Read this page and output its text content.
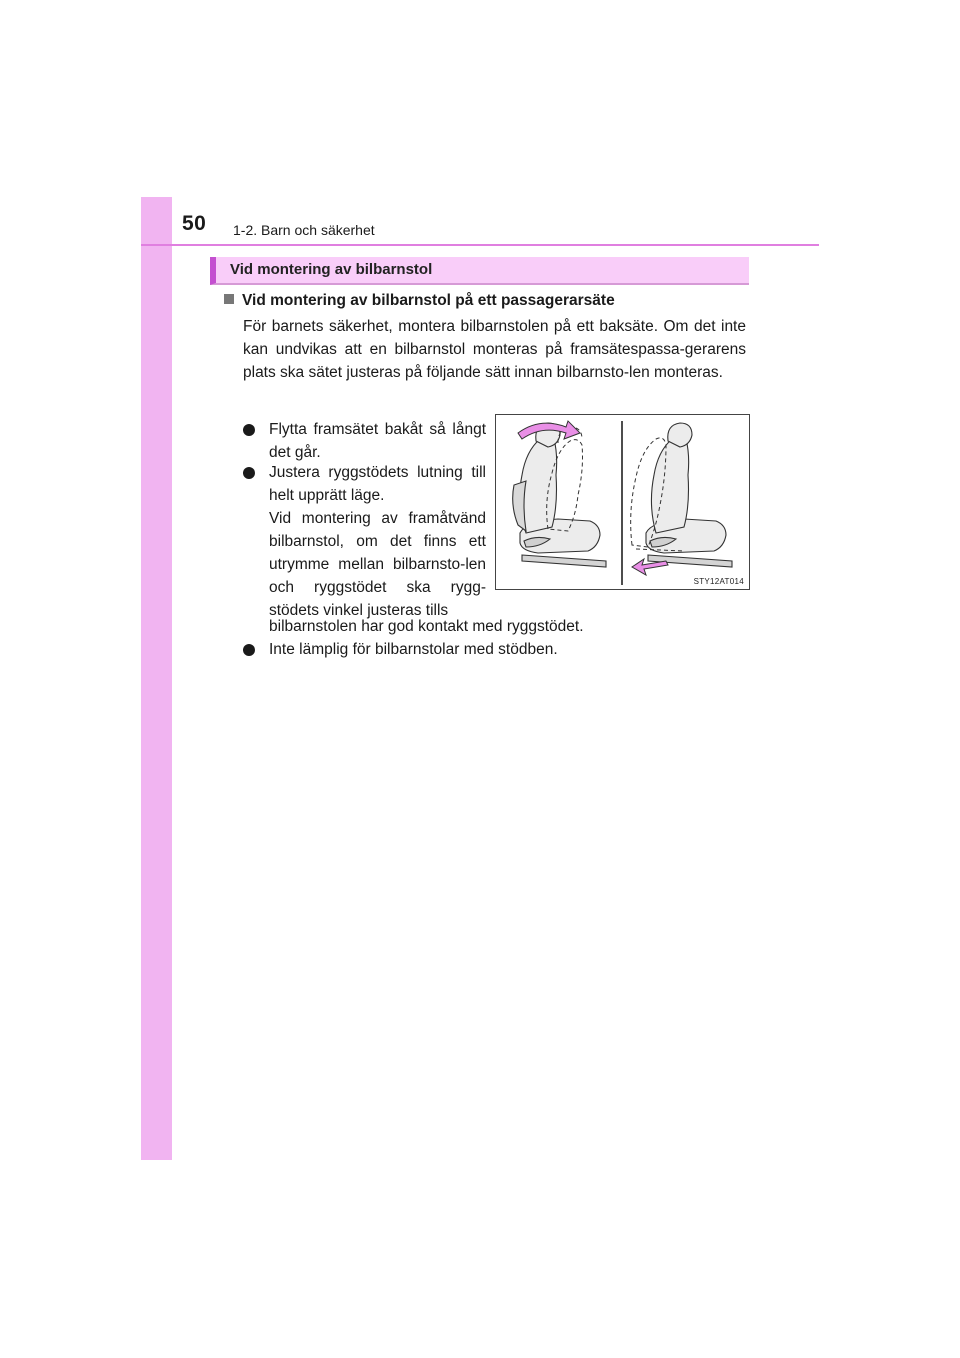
50 1-2. Barn och säkerhet
Vid montering av bilbarnstol
Vid montering av bilbarnstol på ett passagerarsäte

För barnets säkerhet, montera bilbarnstolen på ett baksäte. Om det inte kan undvikas att en bilbarnstol monteras på framsätespassa-gerarens plats ska sätet justeras på följande sätt innan bilbarnsto-len monteras.

Flytta framsätet bakåt så långt det går.

Justera ryggstödets lutning till helt upprätt läge.

Vid montering av framåtvänd bilbarnstol, om det finns ett utrymme mellan bilbarnsto-len och ryggstödet ska rygg-stödets vinkel justeras tills

bilbarnstolen har god kontakt med ryggstödet.

Inte lämplig för bilbarnstolar med stödben.

STY12AT014
